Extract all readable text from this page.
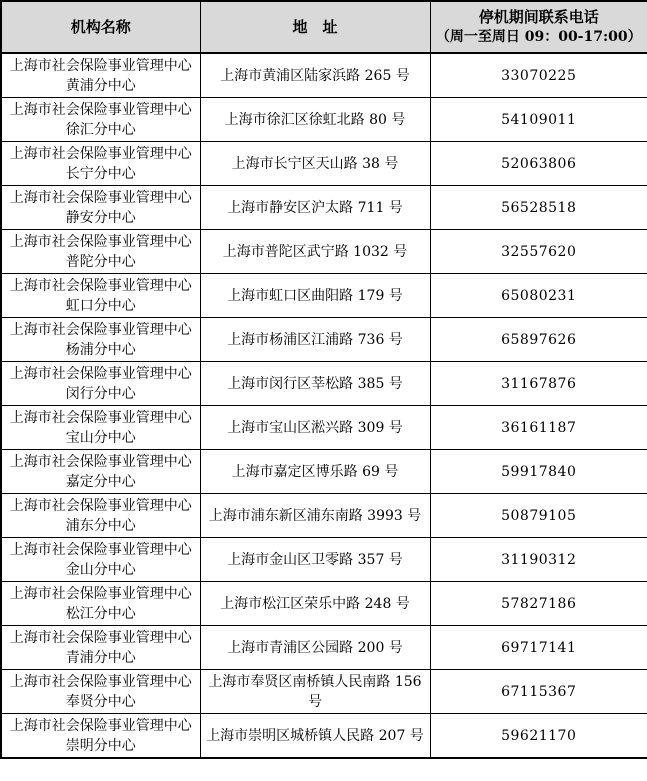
机构名称	地　址	停机期间联系电话
（周一至周日 09：00-17:00）

上海市社会保险事业管理中心
黄浦分中心	上海市黄浦区陆家浜路 265 号	33070225

上海市社会保险事业管理中心
徐汇分中心	上海市徐汇区徐虹北路 80 号	54109011

上海市社会保险事业管理中心
长宁分中心	上海市长宁区天山路 38 号	52063806

上海市社会保险事业管理中心
静安分中心	上海市静安区沪太路 711 号	56528518

上海市社会保险事业管理中心
普陀分中心	上海市普陀区武宁路 1032 号	32557620

上海市社会保险事业管理中心
虹口分中心	上海市虹口区曲阳路 179 号	65080231

上海市社会保险事业管理中心
杨浦分中心	上海市杨浦区江浦路 736 号	65897626

上海市社会保险事业管理中心
闵行分中心	上海市闵行区莘松路 385 号	31167876

上海市社会保险事业管理中心
宝山分中心	上海市宝山区淞兴路 309 号	36161187

上海市社会保险事业管理中心
嘉定分中心	上海市嘉定区博乐路 69 号	59917840

上海市社会保险事业管理中心
浦东分中心	上海市浦东新区浦东南路 3993 号	50879105

上海市社会保险事业管理中心
金山分中心	上海市金山区卫零路 357 号	31190312

上海市社会保险事业管理中心
松江分中心	上海市松江区荣乐中路 248 号	57827186

上海市社会保险事业管理中心
青浦分中心	上海市青浦区公园路 200 号	69717141

上海市社会保险事业管理中心
奉贤分中心	上海市奉贤区南桥镇人民南路 156 号	67115367

上海市社会保险事业管理中心
崇明分中心	上海市崇明区城桥镇人民路 207 号	59621170
